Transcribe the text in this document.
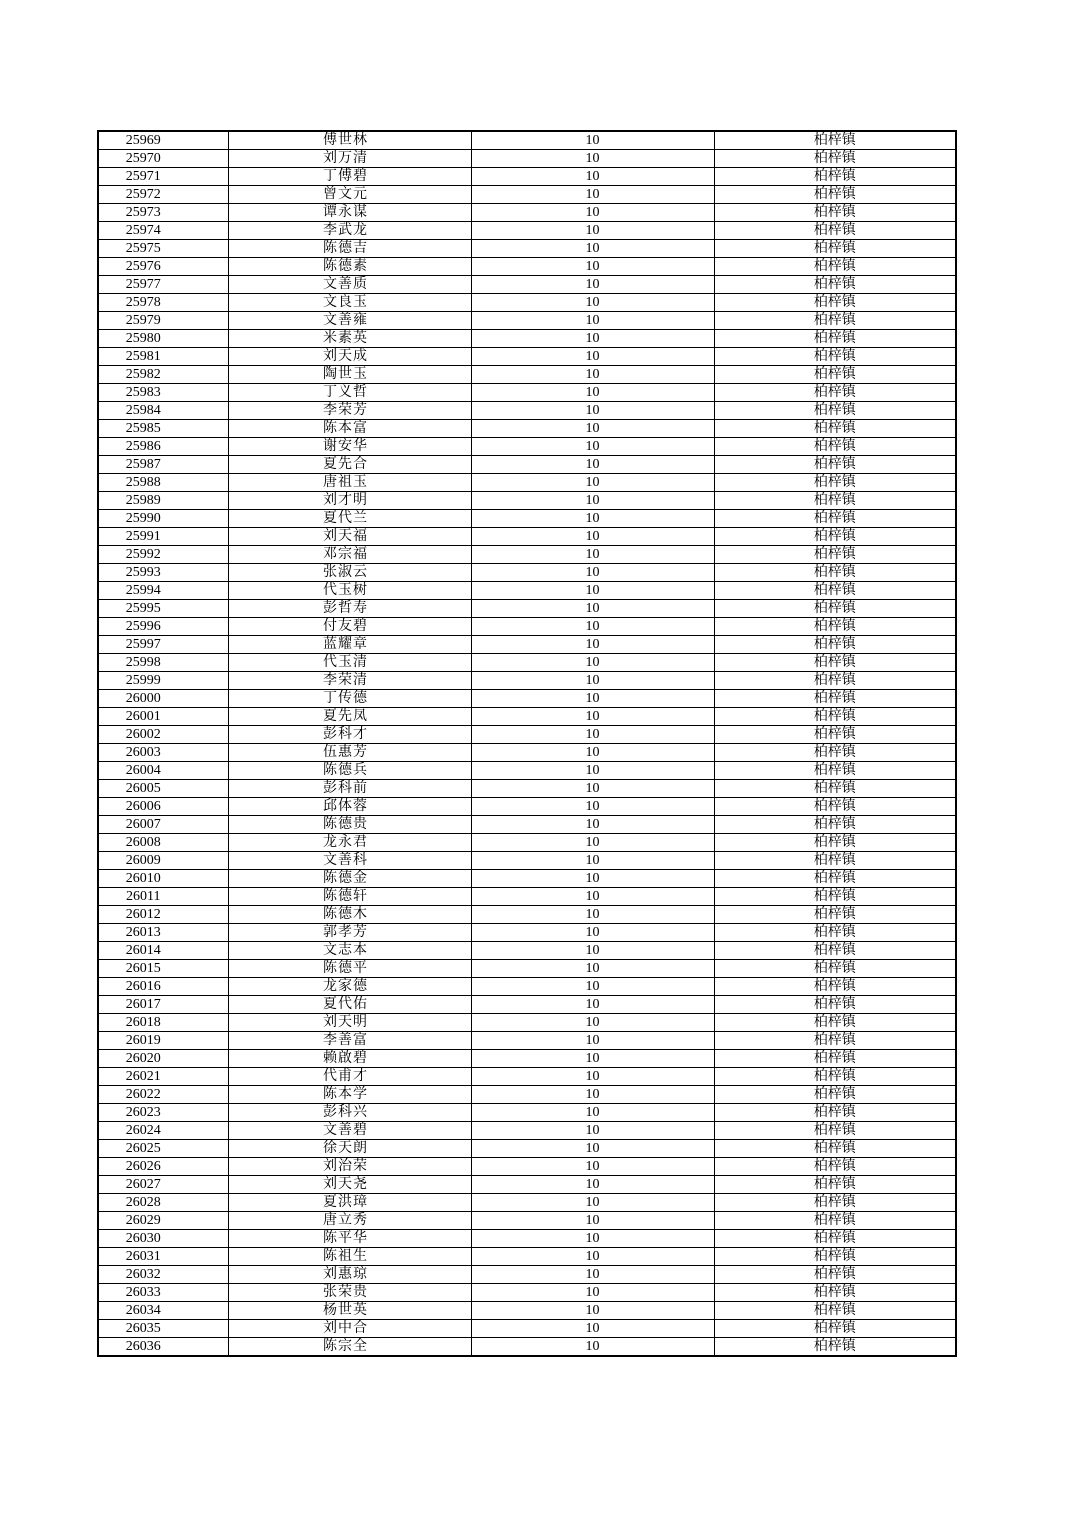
25969	傅世林	10	柏梓镇
25970	刘万清	10	柏梓镇
25971	丁傅碧	10	柏梓镇
25972	曾文元	10	柏梓镇
25973	谭永谋	10	柏梓镇
25974	李武龙	10	柏梓镇
25975	陈德吉	10	柏梓镇
25976	陈德素	10	柏梓镇
25977	文善质	10	柏梓镇
25978	文良玉	10	柏梓镇
25979	文善雍	10	柏梓镇
25980	米素英	10	柏梓镇
25981	刘天成	10	柏梓镇
25982	陶世玉	10	柏梓镇
25983	丁义哲	10	柏梓镇
25984	李荣芳	10	柏梓镇
25985	陈本富	10	柏梓镇
25986	谢安华	10	柏梓镇
25987	夏先合	10	柏梓镇
25988	唐祖玉	10	柏梓镇
25989	刘才明	10	柏梓镇
25990	夏代兰	10	柏梓镇
25991	刘天福	10	柏梓镇
25992	邓宗福	10	柏梓镇
25993	张淑云	10	柏梓镇
25994	代玉树	10	柏梓镇
25995	彭哲寿	10	柏梓镇
25996	付友碧	10	柏梓镇
25997	蓝耀章	10	柏梓镇
25998	代玉清	10	柏梓镇
25999	李荣清	10	柏梓镇
26000	丁传德	10	柏梓镇
26001	夏先凤	10	柏梓镇
26002	彭科才	10	柏梓镇
26003	伍惠芳	10	柏梓镇
26004	陈德兵	10	柏梓镇
26005	彭科前	10	柏梓镇
26006	邱体蓉	10	柏梓镇
26007	陈德贵	10	柏梓镇
26008	龙永君	10	柏梓镇
26009	文善科	10	柏梓镇
26010	陈德金	10	柏梓镇
26011	陈德轩	10	柏梓镇
26012	陈德木	10	柏梓镇
26013	郭孝芳	10	柏梓镇
26014	文志本	10	柏梓镇
26015	陈德平	10	柏梓镇
26016	龙家德	10	柏梓镇
26017	夏代佑	10	柏梓镇
26018	刘天明	10	柏梓镇
26019	李善富	10	柏梓镇
26020	赖啟碧	10	柏梓镇
26021	代甫才	10	柏梓镇
26022	陈本学	10	柏梓镇
26023	彭科兴	10	柏梓镇
26024	文善碧	10	柏梓镇
26025	徐天朗	10	柏梓镇
26026	刘治荣	10	柏梓镇
26027	刘天尧	10	柏梓镇
26028	夏洪璋	10	柏梓镇
26029	唐立秀	10	柏梓镇
26030	陈平华	10	柏梓镇
26031	陈祖生	10	柏梓镇
26032	刘惠琼	10	柏梓镇
26033	张荣贵	10	柏梓镇
26034	杨世英	10	柏梓镇
26035	刘中合	10	柏梓镇
26036	陈宗全	10	柏梓镇
